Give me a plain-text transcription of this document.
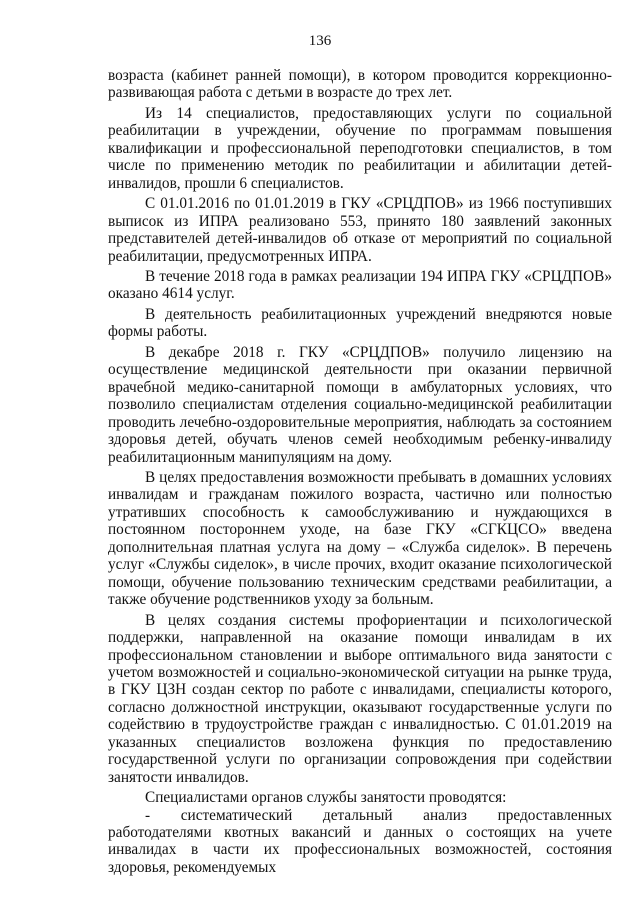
136

возраста (кабинет ранней помощи), в котором проводится коррекционно-развивающая работа с детьми в возрасте до трех лет.

Из 14 специалистов, предоставляющих услуги по социальной реабилитации в учреждении, обучение по программам повышения квалификации и профессиональной переподготовки специалистов, в том числе по применению методик по реабилитации и абилитации детей-инвалидов, прошли 6 специалистов.

С 01.01.2016 по 01.01.2019 в ГКУ «СРЦДПОВ» из 1966 поступивших выписок из ИПРА реализовано 553, принято 180 заявлений законных представителей детей-инвалидов об отказе от мероприятий по социальной реабилитации, предусмотренных ИПРА.

В течение 2018 года в рамках реализации 194 ИПРА ГКУ «СРЦДПОВ» оказано 4614 услуг.

В деятельность реабилитационных учреждений внедряются новые формы работы.

В декабре 2018 г. ГКУ «СРЦДПОВ» получило лицензию на осуществление медицинской деятельности при оказании первичной врачебной медико-санитарной помощи в амбулаторных условиях, что позволило специалистам отделения социально-медицинской реабилитации проводить лечебно-оздоровительные мероприятия, наблюдать за состоянием здоровья детей, обучать членов семей необходимым ребенку-инвалиду реабилитационным манипуляциям на дому.

В целях предоставления возможности пребывать в домашних условиях инвалидам и гражданам пожилого возраста, частично или полностью утративших способность к самообслуживанию и нуждающихся в постоянном постороннем уходе, на базе ГКУ «СГКЦСО» введена дополнительная платная услуга на дому – «Служба сиделок». В перечень услуг «Службы сиделок», в числе прочих, входит оказание психологической помощи, обучение пользованию техническим средствами реабилитации, а также обучение родственников уходу за больным.

В целях создания системы профориентации и психологической поддержки, направленной на оказание помощи инвалидам в их профессиональном становлении и выборе оптимального вида занятости с учетом возможностей и социально-экономической ситуации на рынке труда, в ГКУ ЦЗН создан сектор по работе с инвалидами, специалисты которого, согласно должностной инструкции, оказывают государственные услуги по содействию в трудоустройстве граждан с инвалидностью. С 01.01.2019 на указанных специалистов возложена функция по предоставлению государственной услуги по организации сопровождения при содействии занятости инвалидов.

Специалистами органов службы занятости проводятся:

- систематический детальный анализ предоставленных работодателями квотных вакансий и данных о состоящих на учете инвалидах в части их профессиональных возможностей, состояния здоровья, рекомендуемых
